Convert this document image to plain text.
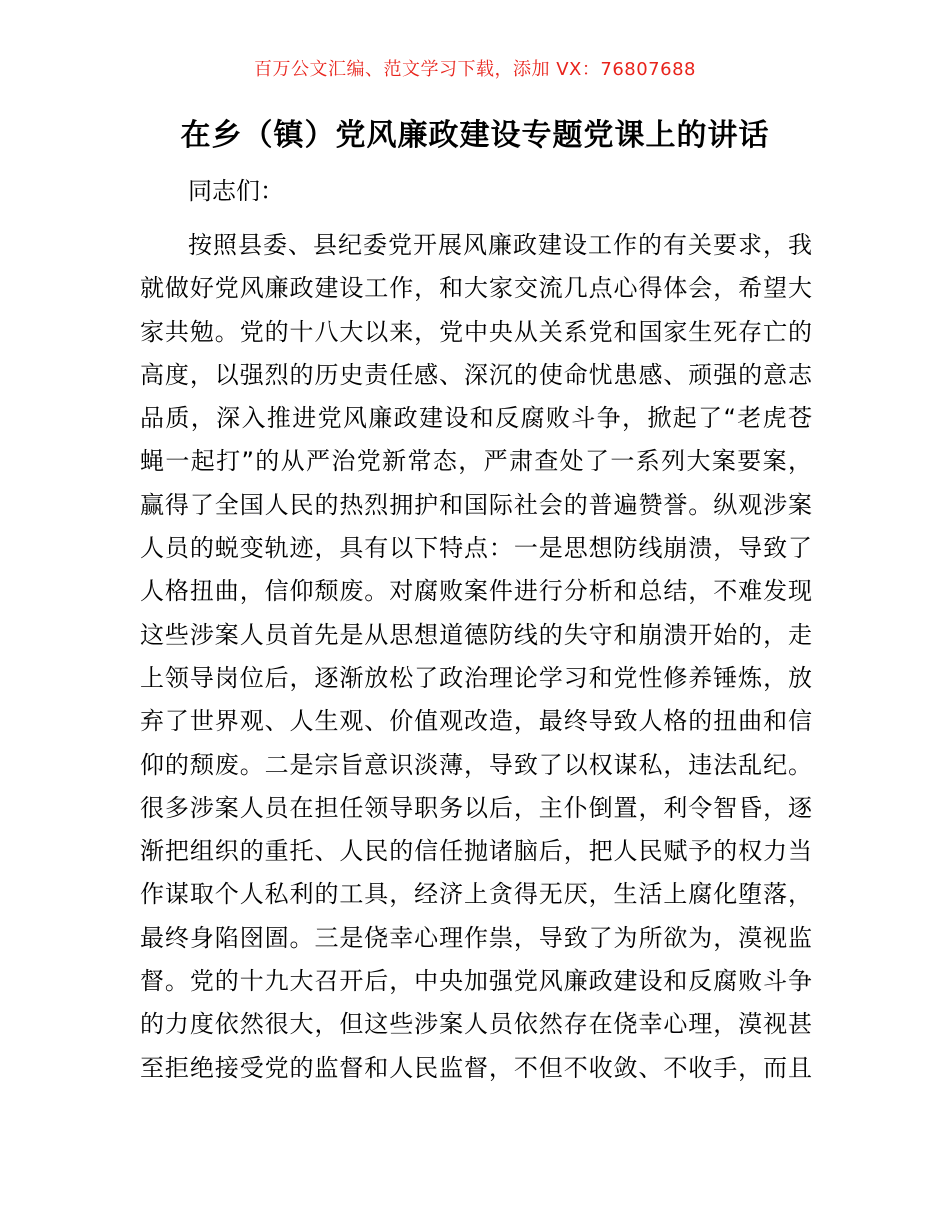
百万公文汇编、范文学习下载，添加 VX：76807688
在乡（镇）党风廉政建设专题党课上的讲话
同志们：
按照县委、县纪委党开展风廉政建设工作的有关要求，我
就做好党风廉政建设工作，和大家交流几点心得体会，希望大
家共勉。党的十八大以来，党中央从关系党和国家生死存亡的
高度，以强烈的历史责任感、深沉的使命忧患感、顽强的意志
品质，深入推进党风廉政建设和反腐败斗争，掀起了“老虎苍
蝇一起打”的从严治党新常态，严肃查处了一系列大案要案，
赢得了全国人民的热烈拥护和国际社会的普遍赞誉。纵观涉案
人员的蜕变轨迹，具有以下特点：一是思想防线崩溃，导致了
人格扭曲，信仰颓废。对腐败案件进行分析和总结，不难发现
这些涉案人员首先是从思想道德防线的失守和崩溃开始的，走
上领导岗位后，逐渐放松了政治理论学习和党性修养锤炼，放
弃了世界观、人生观、价值观改造，最终导致人格的扭曲和信
仰的颓废。二是宗旨意识淡薄，导致了以权谋私，违法乱纪。
很多涉案人员在担任领导职务以后，主仆倒置，利令智昏，逐
渐把组织的重托、人民的信任抛诸脑后，把人民赋予的权力当
作谋取个人私利的工具，经济上贪得无厌，生活上腐化堕落，
最终身陷囹圄。三是侥幸心理作祟，导致了为所欲为，漠视监
督。党的十九大召开后，中央加强党风廉政建设和反腐败斗争
的力度依然很大，但这些涉案人员依然存在侥幸心理，漠视甚
至拒绝接受党的监督和人民监督，不但不收敛、不收手，而且
